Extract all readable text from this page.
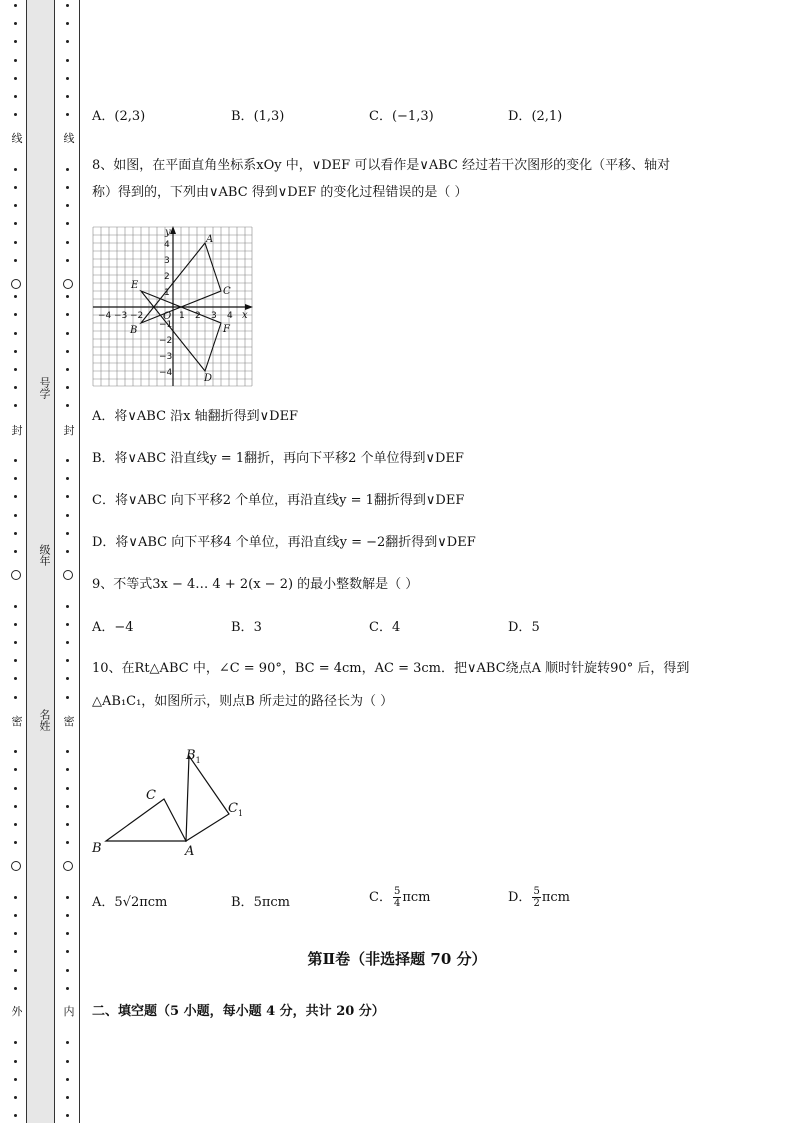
线
封
密
外
线
封
密
内
号学
级年
名姓
A．(2,3)	B．(1,3)	C．(−1,3)	D．(2,1)
8、如图，在平面直角坐标系xOy 中，∨DEF 可以看作是∨ABC 经过若干次图形的变化（平移、轴对
称）得到的，下列由∨ABC 得到∨DEF 的变化过程错误的是（ ）
y
x
O
A
B
C
D
E
F
−4 −3 −2	1 2 3 4
4
3
2
1
−1
−2
−3
−4
A．将∨ABC 沿x 轴翻折得到∨DEF
B．将∨ABC 沿直线y = 1翻折，再向下平移2 个单位得到∨DEF
C．将∨ABC 向下平移2 个单位，再沿直线y = 1翻折得到∨DEF
D．将∨ABC 向下平移4 个单位，再沿直线y = −2翻折得到∨DEF
9、不等式3x − 4… 4 + 2(x − 2) 的最小整数解是（ ）
A．−4	B．3	C．4	D．5
10、在Rt△ABC 中，∠C = 90°，BC = 4cm，AC = 3cm．把∨ABC绕点A 顺时针旋转90° 后，得到
△AB₁C₁，如图所示，则点B 所走过的路径长为（ ）
B
C
A
$B_1$
$C_1$
A．5√2πcm	B．5πcm	C． $\frac{5}{4}$ πcm	D． $\frac{5}{2}$ πcm
第Ⅱ卷（非选择题 70 分）
二、填空题（5 小题，每小题 4 分，共计 20 分）
